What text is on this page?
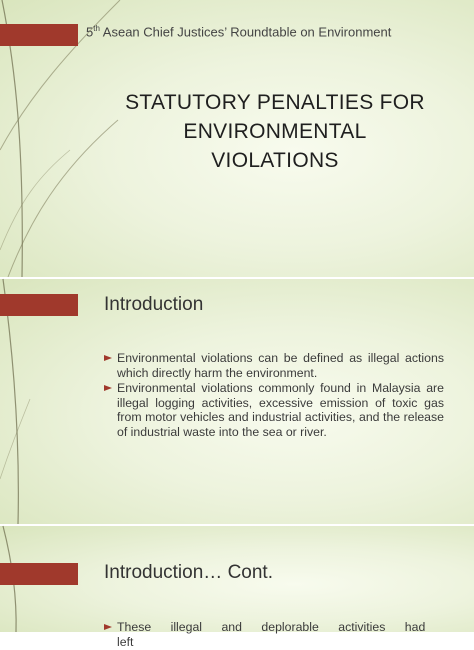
5th Asean Chief Justices’ Roundtable on Environment
STATUTORY PENALTIES FOR
ENVIRONMENTAL
VIOLATIONS
Introduction
Environmental violations can be defined as illegal actions which directly harm the environment.
Environmental violations commonly found in Malaysia are illegal logging activities, excessive emission of toxic gas from motor vehicles and industrial activities, and the release of industrial waste into the sea or river.
Introduction… Cont.
These illegal and deplorable activities had left
